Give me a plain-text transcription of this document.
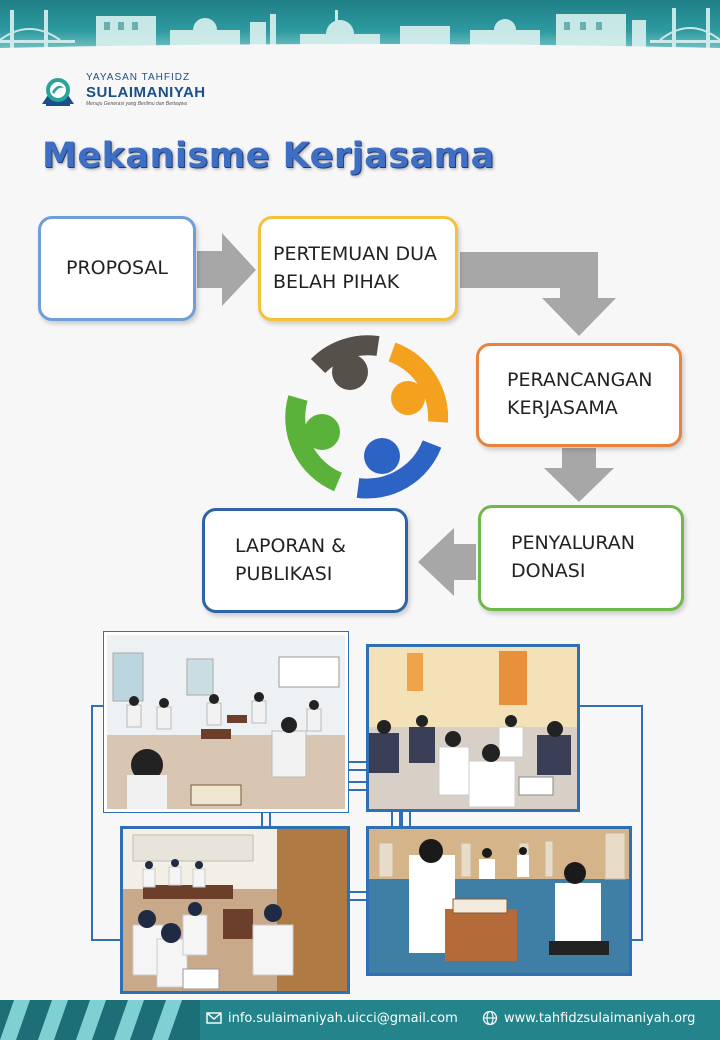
YAYASAN TAHFIDZ
SULAIMANIYAH
Menuju Generasi yang Berilmu dan Bertaqwa
Mekanisme Kerjasama
PROPOSAL
PERTEMUAN DUA
BELAH PIHAK
PERANCANGAN
KERJASAMA
PENYALURAN
DONASI
LAPORAN &
PUBLIKASI
info.sulaimaniyah.uicci@gmail.com	www.tahfidzsulaimaniyah.org
